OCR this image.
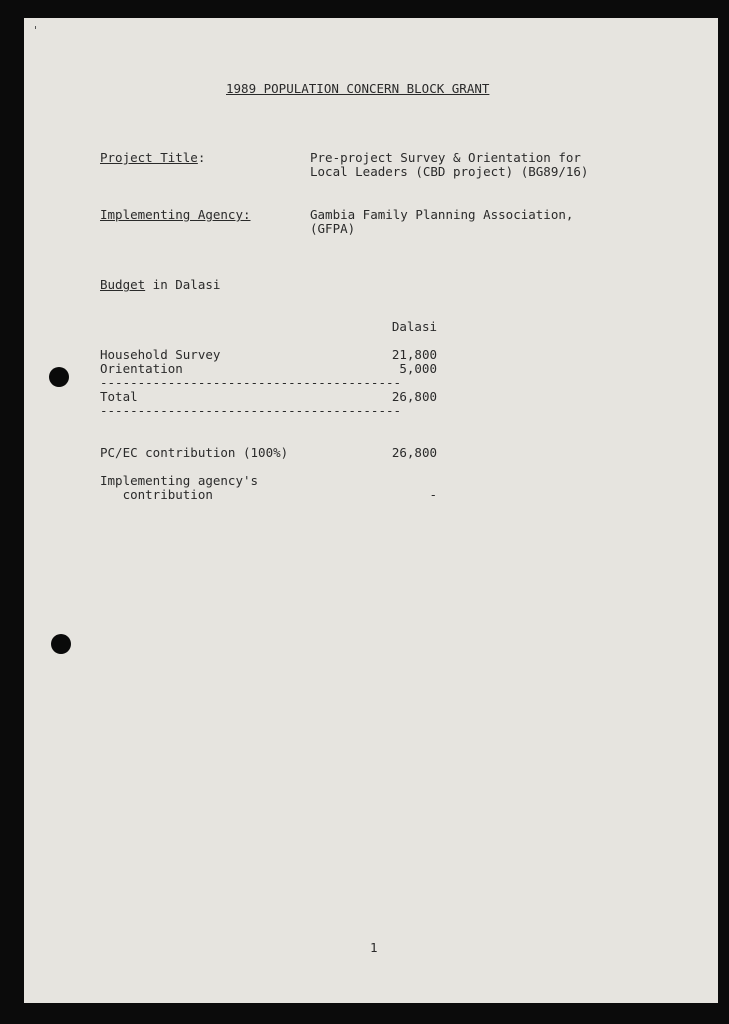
1989 POPULATION CONCERN BLOCK GRANT
Project Title:	Pre-project Survey & Orientation for
Local Leaders (CBD project) (BG89/16)
Implementing Agency:	Gambia Family Planning Association,
(GFPA)
Budget in Dalasi
Dalasi
Household Survey	21,800
Orientation	5,000
----------------------------------------
Total	26,800
----------------------------------------
PC/EC contribution (100%)	26,800
Implementing agency's
contribution	-
1
